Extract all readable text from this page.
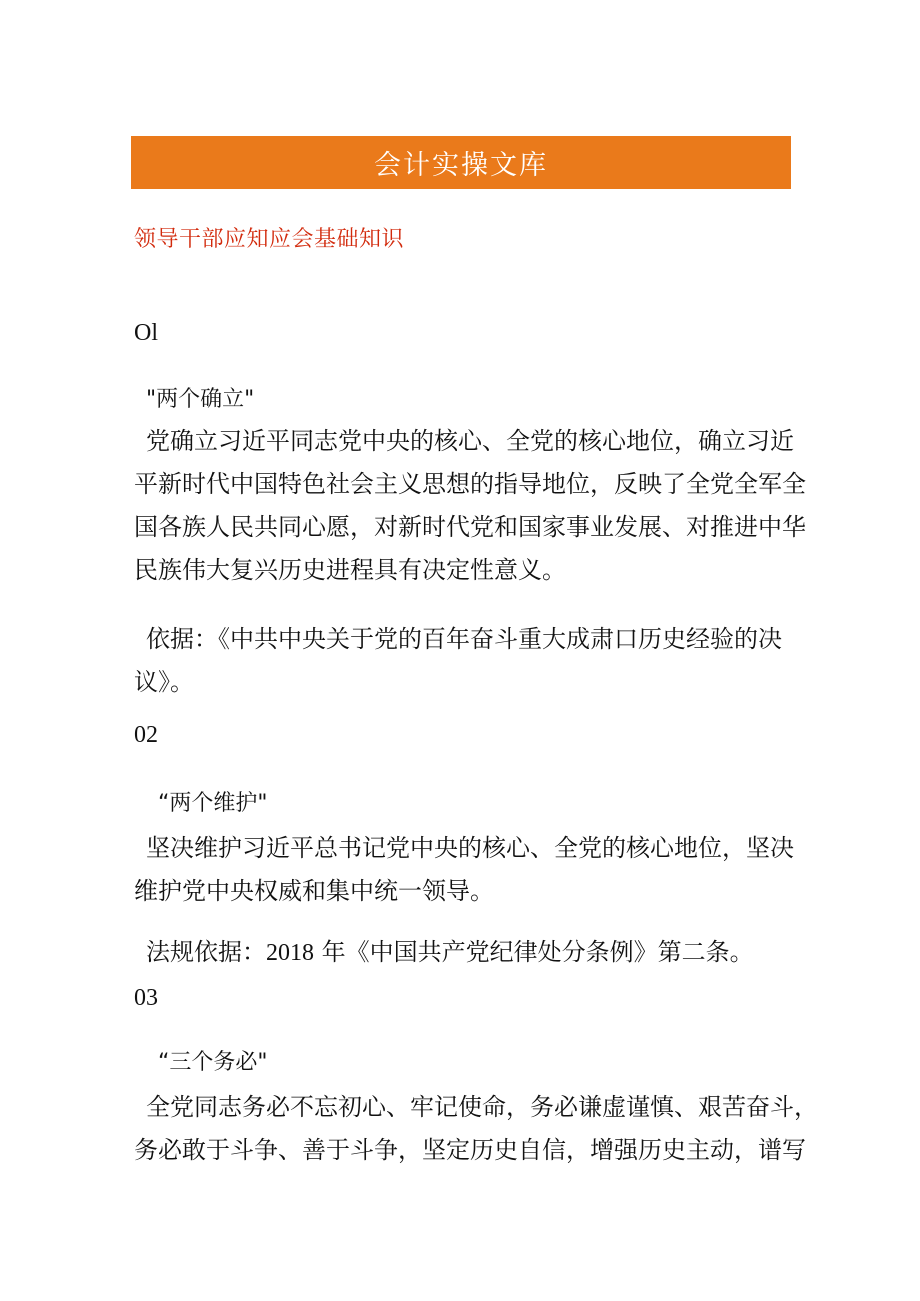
会计实操文库
领导干部应知应会基础知识
Ol
"两个确立"
党确立习近平同志党中央的核心、全党的核心地位，确立习近
平新时代中国特色社会主义思想的指导地位，反映了全党全军全
国各族人民共同心愿，对新时代党和国家事业发展、对推进中华
民族伟大复兴历史进程具有决定性意义。
依据：《中共中央关于党的百年奋斗重大成肃口历史经验的决
议》。
02
“两个维护"
坚决维护习近平总书记党中央的核心、全党的核心地位，坚决
维护党中央权威和集中统一领导。
法规依据：2018 年《中国共产党纪律处分条例》第二条。
03
“三个务必"
全党同志务必不忘初心、牢记使命，务必谦虚谨慎、艰苦奋斗，
务必敢于斗争、善于斗争，坚定历史自信，增强历史主动，谱写
